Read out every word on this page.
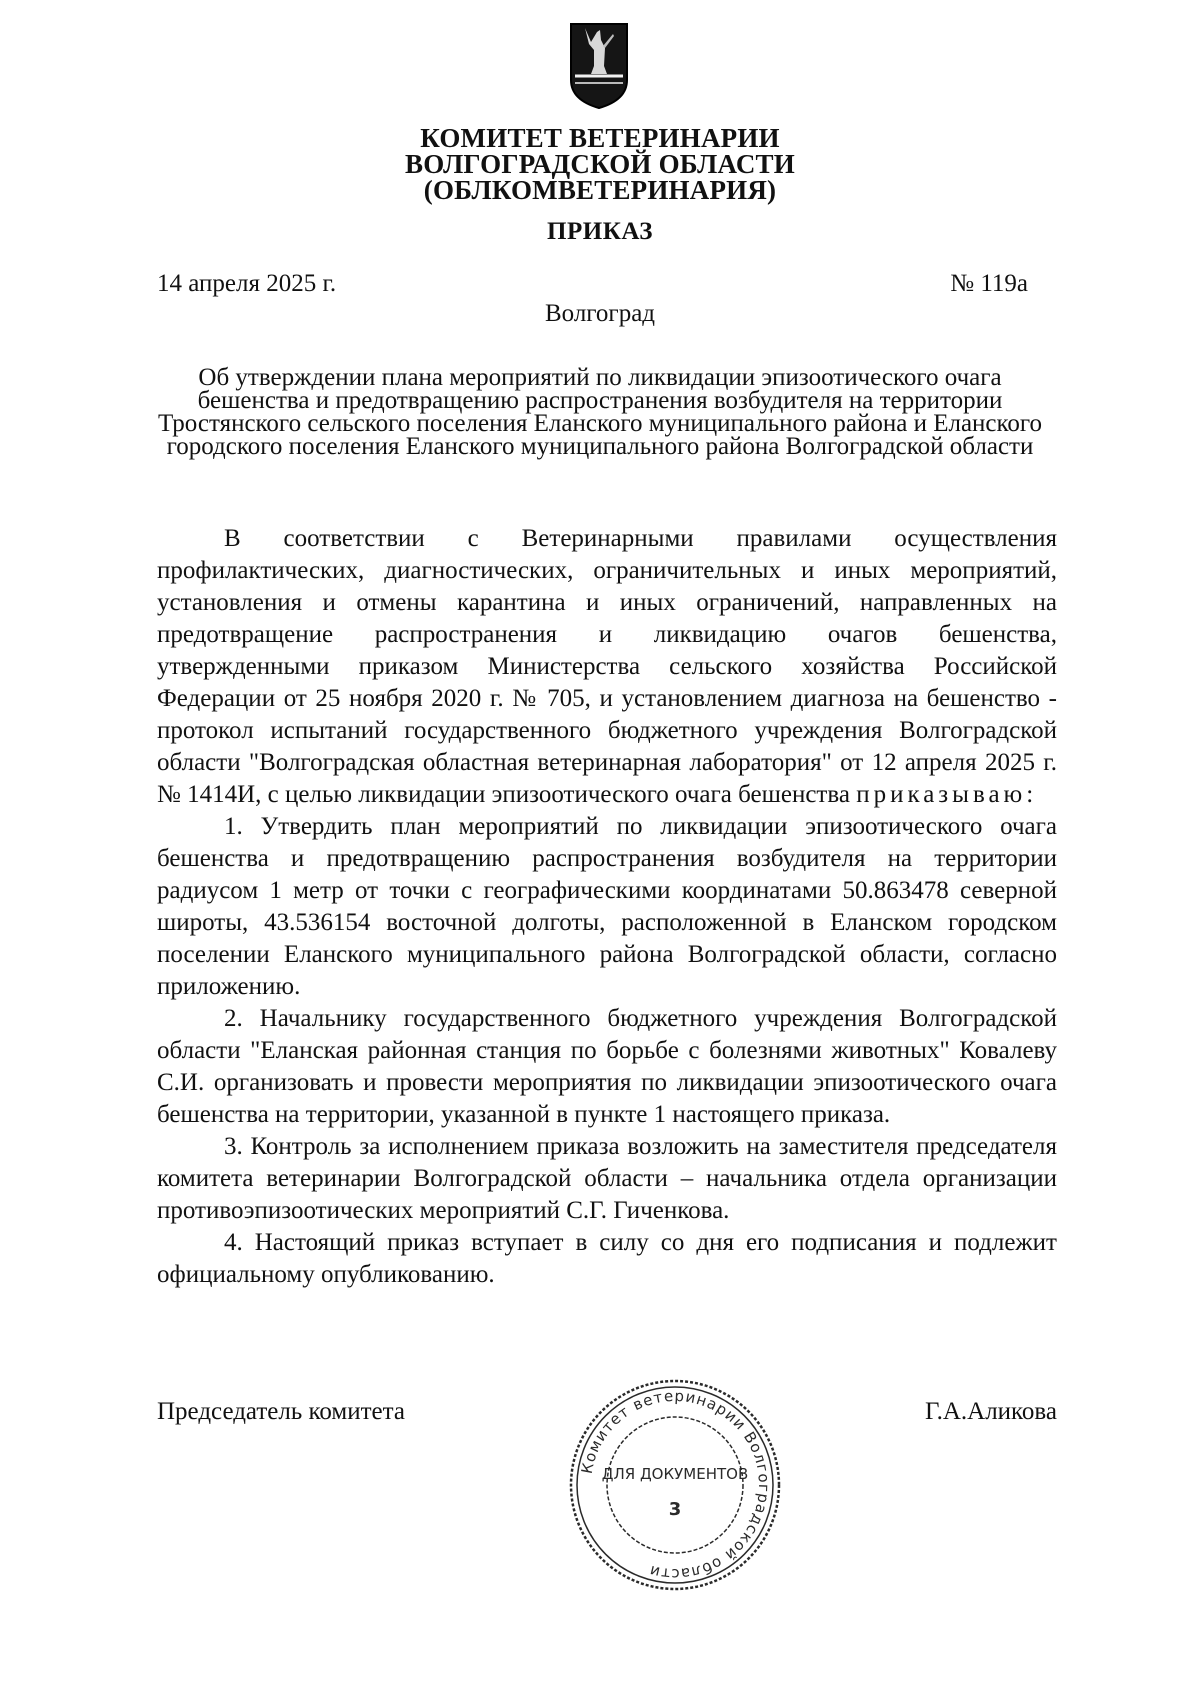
КОМИТЕТ ВЕТЕРИНАРИИ
ВОЛГОГРАДСКОЙ ОБЛАСТИ
(ОБЛКОМВЕТЕРИНАРИЯ)
ПРИКАЗ
14 апреля 2025 г.	№ 119а
Волгоград
Об утверждении плана мероприятий по ликвидации эпизоотического очага бешенства и предотвращению распространения возбудителя на территории Тростянского сельского поселения Еланского муниципального района и Еланского городского поселения Еланского муниципального района Волгоградской области

В соответствии с Ветеринарными правилами осуществления профилактических, диагностических, ограничительных и иных мероприятий, установления и отмены карантина и иных ограничений, направленных на предотвращение распространения и ликвидацию очагов бешенства, утвержденными приказом Министерства сельского хозяйства Российской Федерации от 25 ноября 2020 г. № 705, и установлением диагноза на бешенство - протокол испытаний государственного бюджетного учреждения Волгоградской области "Волгоградская областная ветеринарная лаборатория" от 12 апреля 2025 г. № 1414И, с целью ликвидации эпизоотического очага бешенства приказываю:

1. Утвердить план мероприятий по ликвидации эпизоотического очага бешенства и предотвращению распространения возбудителя на территории радиусом 1 метр от точки с географическими координатами 50.863478 северной широты, 43.536154 восточной долготы, расположенной в Еланском городском поселении Еланского муниципального района Волгоградской области, согласно приложению.

2. Начальнику государственного бюджетного учреждения Волгоградской области "Еланская районная станция по борьбе с болезнями животных" Ковалеву С.И. организовать и провести мероприятия по ликвидации эпизоотического очага бешенства на территории, указанной в пункте 1 настоящего приказа.

3. Контроль за исполнением приказа возложить на заместителя председателя комитета ветеринарии Волгоградской области – начальника отдела организации противоэпизоотических мероприятий С.Г. Гиченкова.

4. Настоящий приказ вступает в силу со дня его подписания и подлежит официальному опубликованию.

Председатель комитета	Г.А.Аликова
Комитет ветеринарии Волгоградской области
ДЛЯ ДОКУМЕНТОВ
3
